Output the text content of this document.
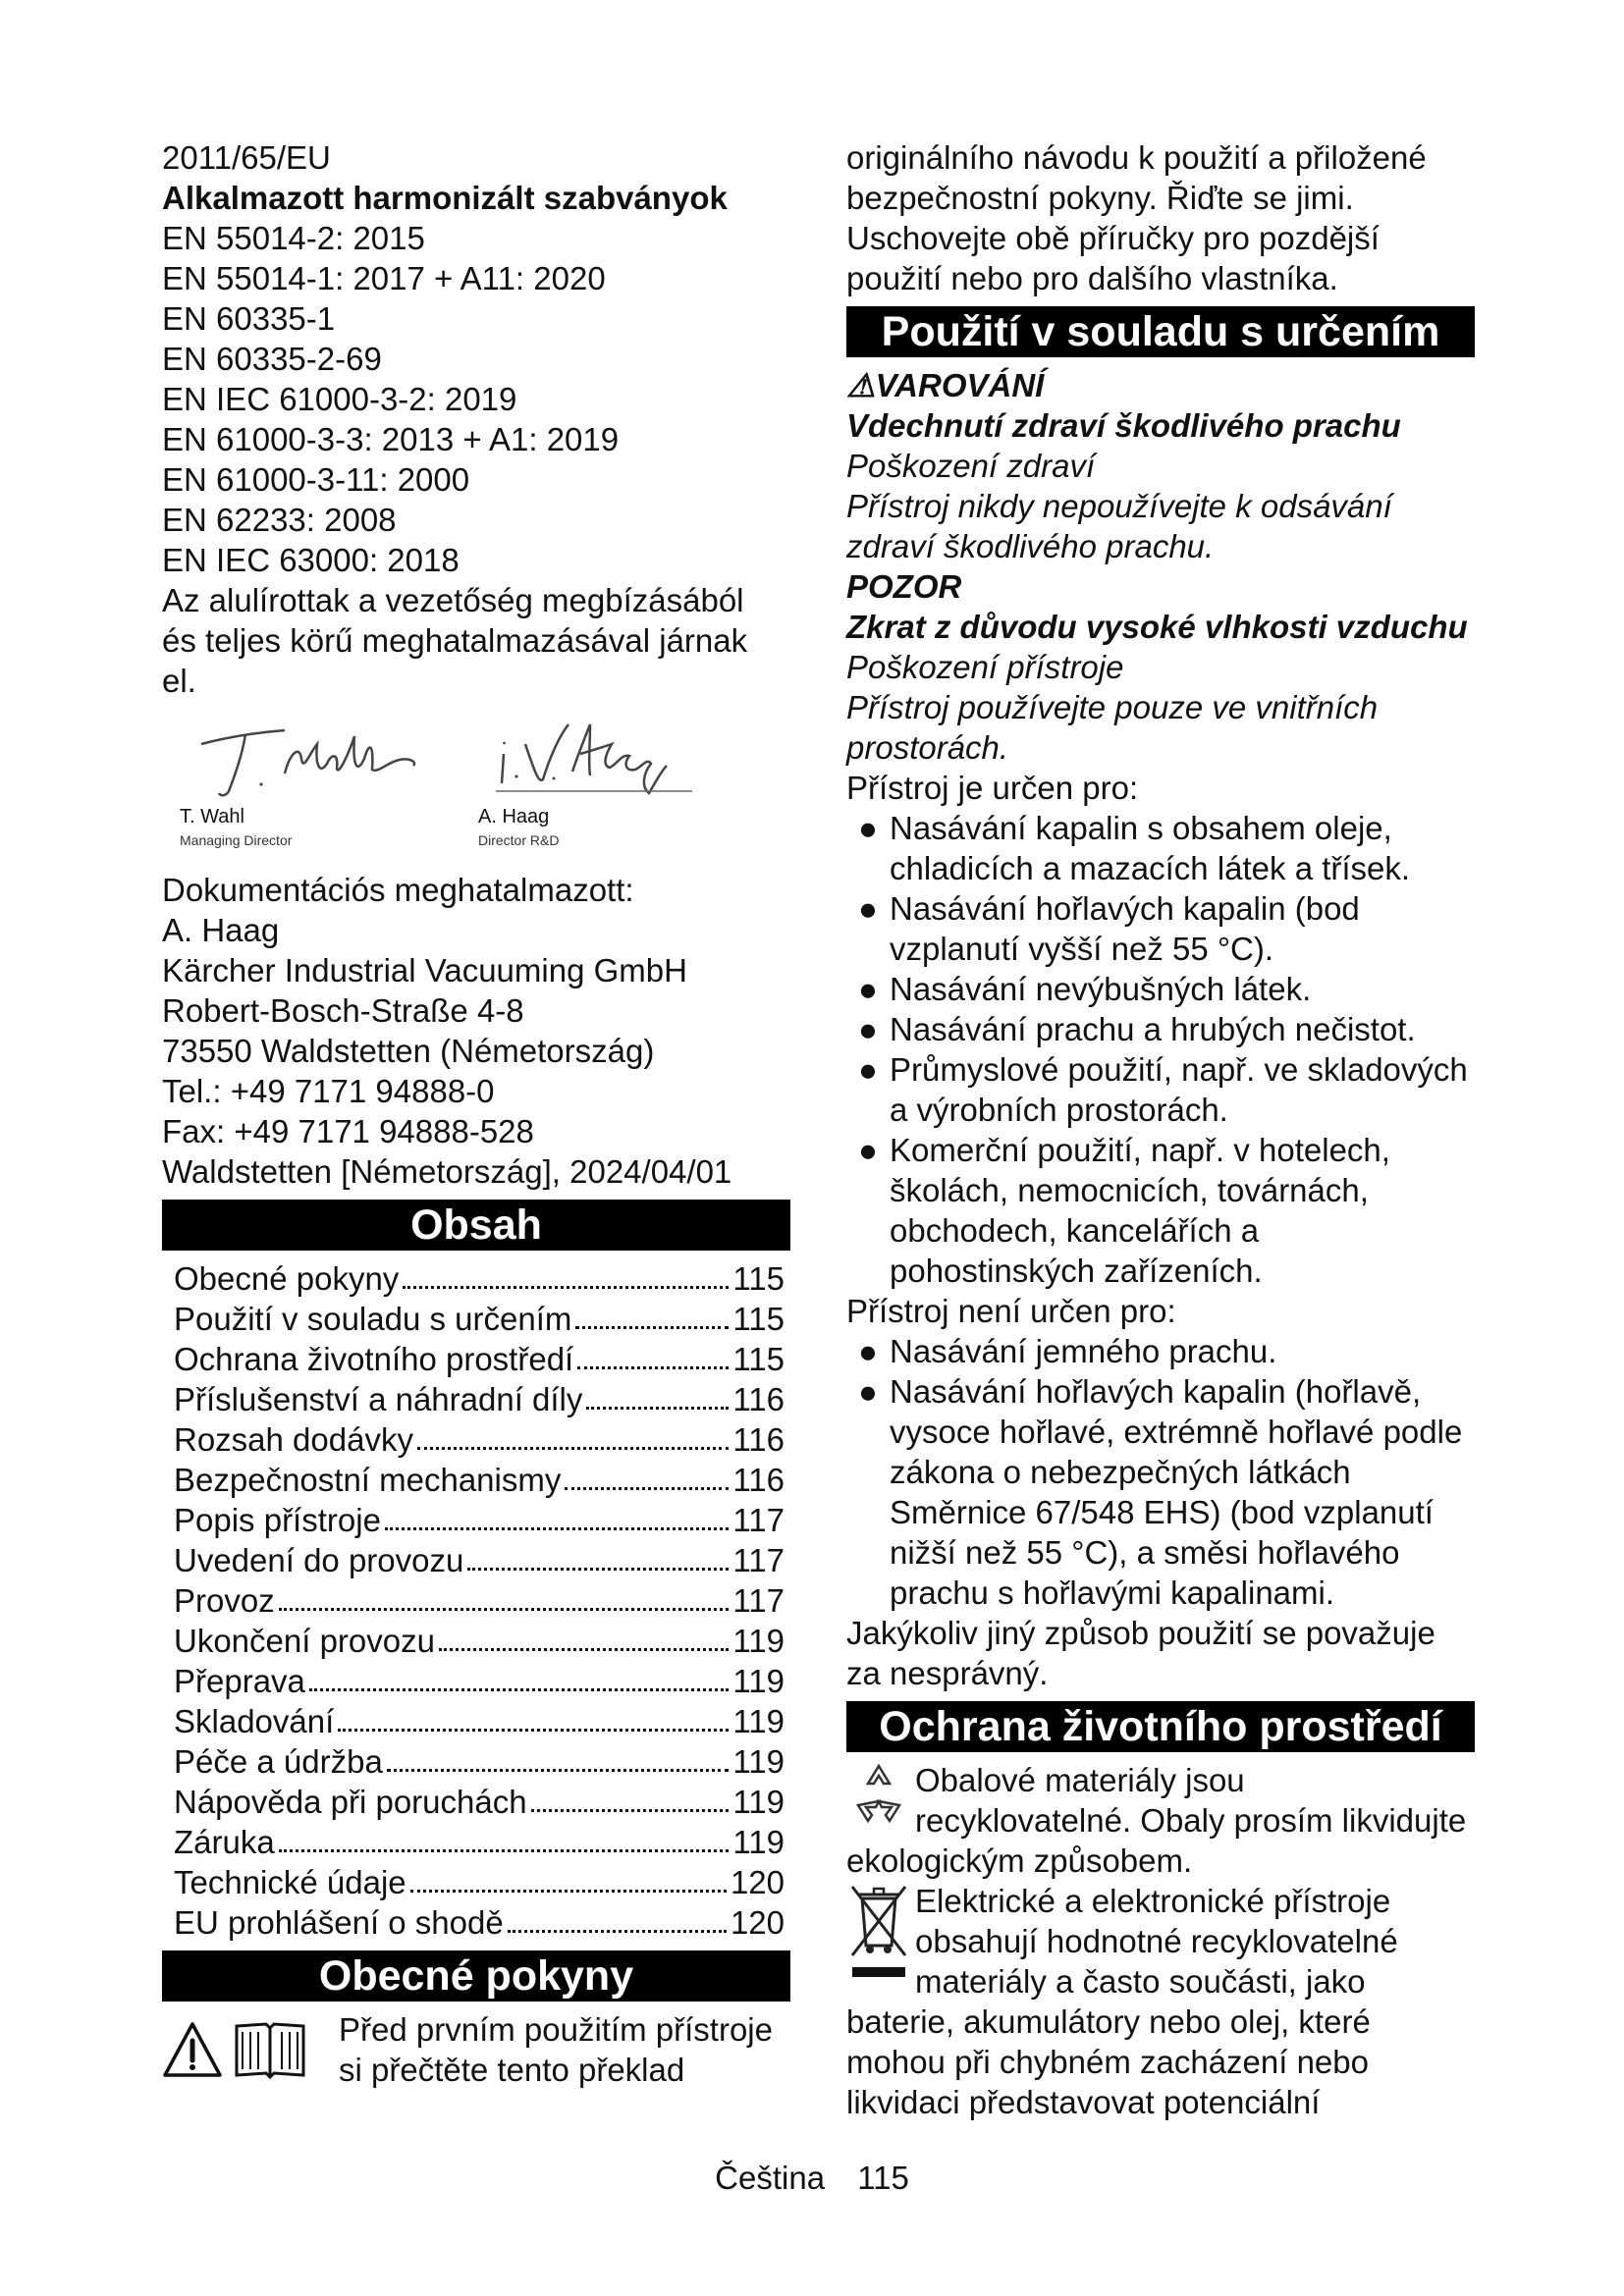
2011/65/EU
Alkalmazott harmonizált szabványok
EN 55014-2: 2015
EN 55014-1: 2017 + A11: 2020
EN 60335-1
EN 60335-2-69
EN IEC 61000-3-2: 2019
EN 61000-3-3: 2013 + A1: 2019
EN 61000-3-11: 2000
EN 62233: 2008
EN IEC 63000: 2018
Az alulírottak a vezetőség megbízásából
és teljes körű meghatalmazásával járnak
el.
T. Wahl
Managing Director
A. Haag
Director R&D
Dokumentációs meghatalmazott:
A. Haag
Kärcher Industrial Vacuuming GmbH
Robert-Bosch-Straße 4-8
73550 Waldstetten (Németország)
Tel.: +49 7171 94888-0
Fax: +49 7171 94888-528
Waldstetten [Németország], 2024/04/01
Obsah
Obecné pokyny	115
Použití v souladu s určením	115
Ochrana životního prostředí	115
Příslušenství a náhradní díly	116
Rozsah dodávky	116
Bezpečnostní mechanismy	116
Popis přístroje	117
Uvedení do provozu	117
Provoz	117
Ukončení provozu	119
Přeprava	119
Skladování	119
Péče a údržba	119
Nápověda při poruchách	119
Záruka	119
Technické údaje	120
EU prohlášení o shodě	120
Obecné pokyny
Před prvním použitím přístroje
si přečtěte tento překlad
originálního návodu k použití a přiložené
bezpečnostní pokyny. Řiďte se jimi.
Uschovejte obě příručky pro pozdější
použití nebo pro dalšího vlastníka.
Použití v souladu s určením
⚠VAROVÁNÍ
Vdechnutí zdraví škodlivého prachu
Poškození zdraví
Přístroj nikdy nepoužívejte k odsávání
zdraví škodlivého prachu.
POZOR
Zkrat z důvodu vysoké vlhkosti vzduchu
Poškození přístroje
Přístroj používejte pouze ve vnitřních
prostorách.
Přístroj je určen pro:
● Nasávání kapalin s obsahem oleje,
chladicích a mazacích látek a třísek.
● Nasávání hořlavých kapalin (bod
vzplanutí vyšší než 55 °C).
● Nasávání nevýbušných látek.
● Nasávání prachu a hrubých nečistot.
● Průmyslové použití, např. ve skladových
a výrobních prostorách.
● Komerční použití, např. v hotelech,
školách, nemocnicích, továrnách,
obchodech, kancelářích a
pohostinských zařízeních.
Přístroj není určen pro:
● Nasávání jemného prachu.
● Nasávání hořlavých kapalin (hořlavě,
vysoce hořlavé, extrémně hořlavé podle
zákona o nebezpečných látkách
Směrnice 67/548 EHS) (bod vzplanutí
nižší než 55 °C), a směsi hořlavého
prachu s hořlavými kapalinami.
Jakýkoliv jiný způsob použití se považuje
za nesprávný.
Ochrana životního prostředí
Obalové materiály jsou
recyklovatelné. Obaly prosím likvidujte
ekologickým způsobem.
Elektrické a elektronické přístroje
obsahují hodnotné recyklovatelné
materiály a často součásti, jako
baterie, akumulátory nebo olej, které
mohou při chybném zacházení nebo
likvidaci představovat potenciální
Čeština 115
